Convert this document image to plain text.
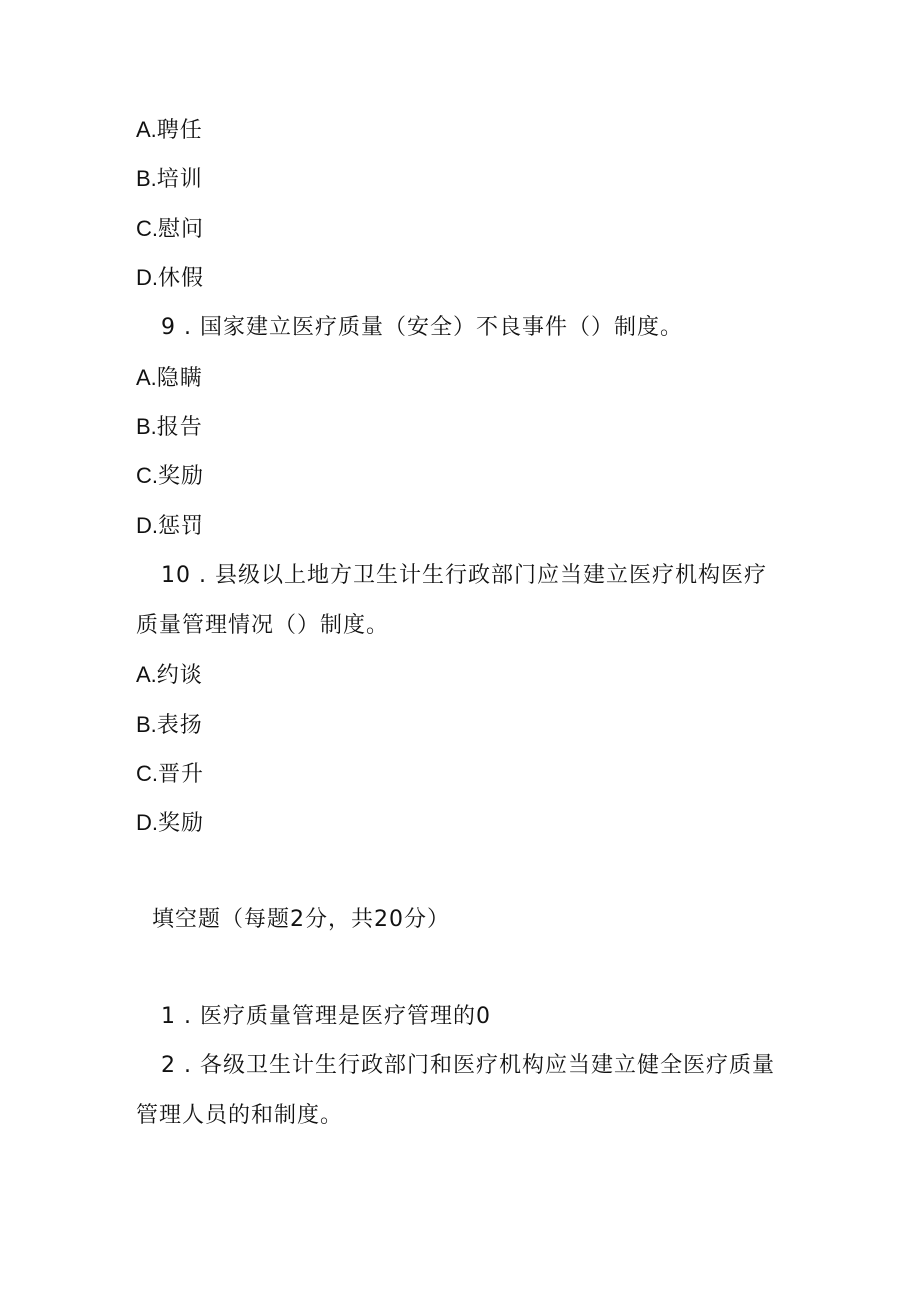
A.聘任
B.培训
C.慰问
D.休假
9 . 国家建立医疗质量（安全）不良事件（）制度。
A.隐瞒
B.报告
C.奖励
D.惩罚
10 . 县级以上地方卫生计生行政部门应当建立医疗机构医疗
质量管理情况（）制度。
A.约谈
B.表扬
C.晋升
D.奖励
填空题（每题2分，共20分）
1 . 医疗质量管理是医疗管理的0
2 . 各级卫生计生行政部门和医疗机构应当建立健全医疗质量
管理人员的和制度。
